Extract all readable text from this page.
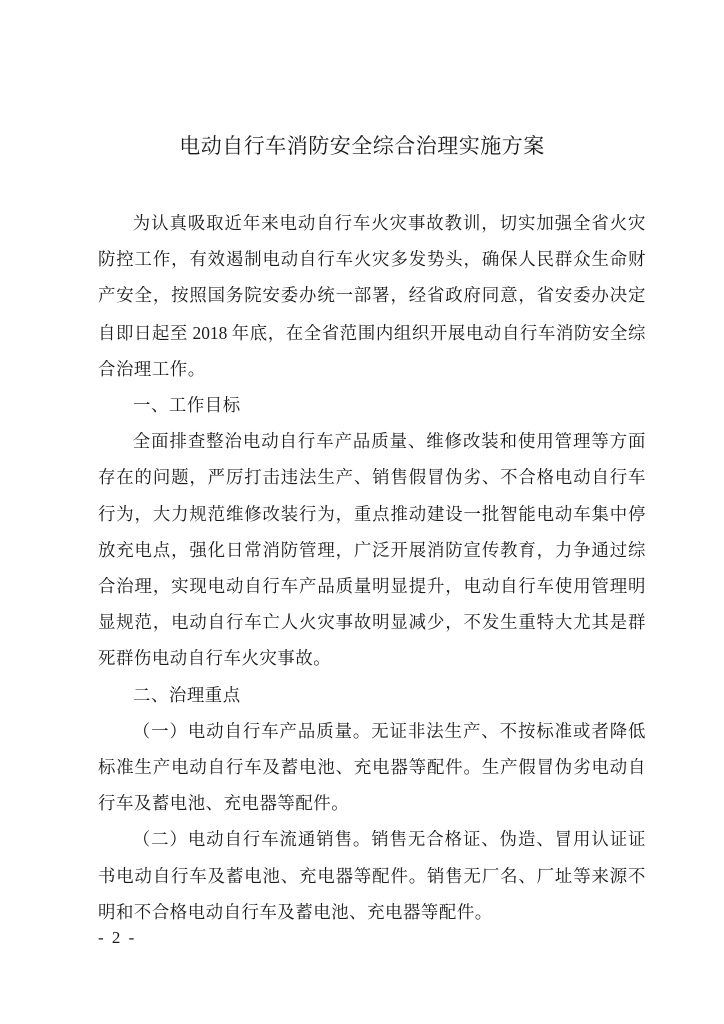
电动自行车消防安全综合治理实施方案

为认真吸取近年来电动自行车火灾事故教训，切实加强全省火灾防控工作，有效遏制电动自行车火灾多发势头，确保人民群众生命财产安全，按照国务院安委办统一部署，经省政府同意，省安委办决定自即日起至 2018 年底，在全省范围内组织开展电动自行车消防安全综合治理工作。

一、工作目标

全面排查整治电动自行车产品质量、维修改装和使用管理等方面存在的问题，严厉打击违法生产、销售假冒伪劣、不合格电动自行车行为，大力规范维修改装行为，重点推动建设一批智能电动车集中停放充电点，强化日常消防管理，广泛开展消防宣传教育，力争通过综合治理，实现电动自行车产品质量明显提升，电动自行车使用管理明显规范，电动自行车亡人火灾事故明显减少，不发生重特大尤其是群死群伤电动自行车火灾事故。

二、治理重点

（一）电动自行车产品质量。无证非法生产、不按标准或者降低标准生产电动自行车及蓄电池、充电器等配件。生产假冒伪劣电动自行车及蓄电池、充电器等配件。

（二）电动自行车流通销售。销售无合格证、伪造、冒用认证证书电动自行车及蓄电池、充电器等配件。销售无厂名、厂址等来源不明和不合格电动自行车及蓄电池、充电器等配件。

- 2 -
